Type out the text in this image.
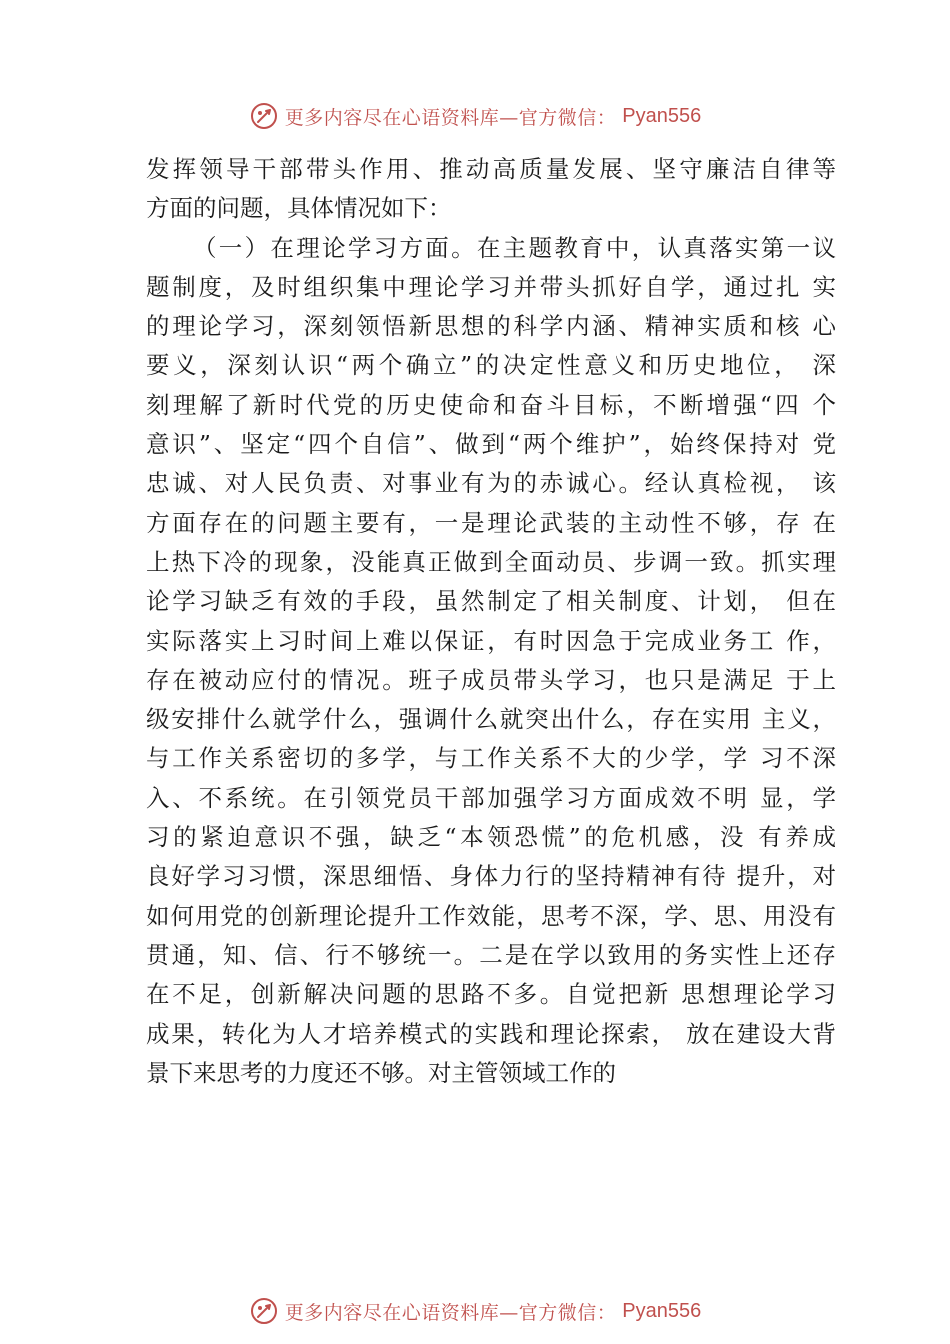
更多内容尽在心语资料库—官方微信： Pyan556
发挥领导干部带头作用、推动高质量发展、坚守廉洁自律等
方面的问题，具体情况如下：
（一）在理论学习方面。在主题教育中，认真落实第一议
题制度，及时组织集中理论学习并带头抓好自学，通过扎 实
的理论学习，深刻领悟新思想的科学内涵、精神实质和核 心
要义，深刻认识“两个确立”的决定性意义和历史地位， 深
刻理解了新时代党的历史使命和奋斗目标，不断增强“四 个
意识”、坚定“四个自信”、做到“两个维护”，始终保持对 党
忠诚、对人民负责、对事业有为的赤诚心。经认真检视， 该
方面存在的问题主要有，一是理论武装的主动性不够，存 在
上热下冷的现象，没能真正做到全面动员、步调一致。抓实理
论学习缺乏有效的手段，虽然制定了相关制度、计划， 但在
实际落实上习时间上难以保证，有时因急于完成业务工 作，
存在被动应付的情况。班子成员带头学习，也只是满足 于上
级安排什么就学什么，强调什么就突出什么，存在实用 主义，
与工作关系密切的多学，与工作关系不大的少学，学 习不深
入、不系统。在引领党员干部加强学习方面成效不明 显，学
习的紧迫意识不强，缺乏“本领恐慌”的危机感，没 有养成
良好学习习惯，深思细悟、身体力行的坚持精神有待 提升，对
如何用党的创新理论提升工作效能，思考不深，学、思、用没有
贯通，知、信、行不够统一。二是在学以致用的务实性上还存
在不足，创新解决问题的思路不多。自觉把新 思想理论学习
成果，转化为人才培养模式的实践和理论探索， 放在建设大背
景下来思考的力度还不够。对主管领域工作的
更多内容尽在心语资料库—官方微信： Pyan556
